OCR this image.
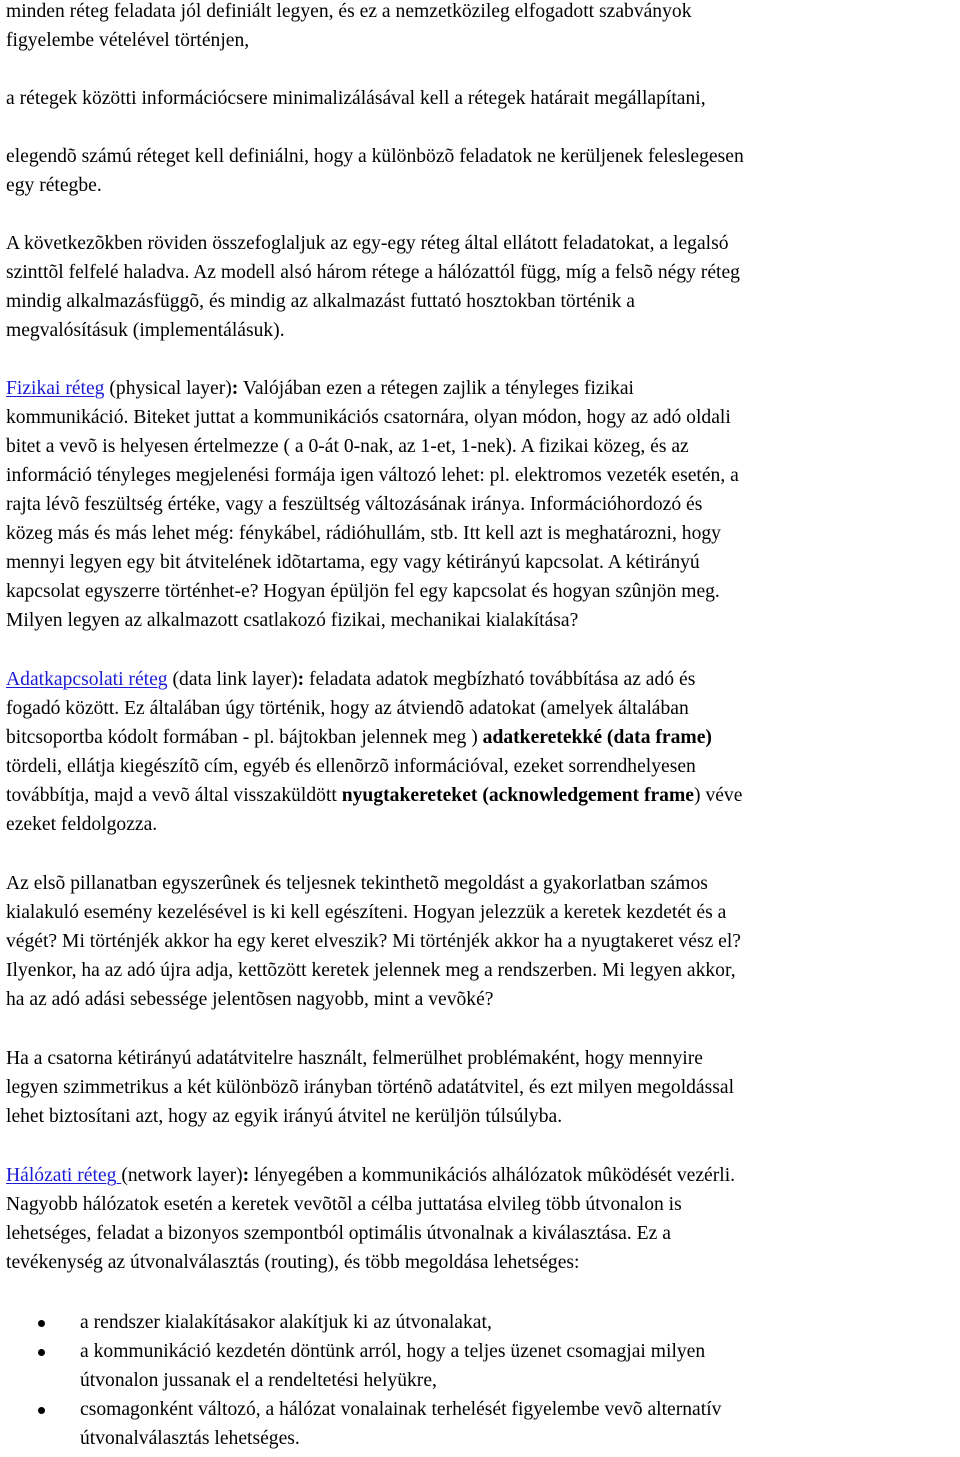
minden réteg feladata jól definiált legyen, és ez a nemzetközileg elfogadott szabványok
figyelembe vételével történjen,
a rétegek közötti információcsere minimalizálásával kell a rétegek határait megállapítani,
elegendõ számú réteget kell definiálni, hogy a különbözõ feladatok ne kerüljenek feleslegesen
egy rétegbe.
A következõkben röviden összefoglaljuk az egy-egy réteg által ellátott feladatokat, a legalsó
szinttõl felfelé haladva. Az modell alsó három rétege a hálózattól függ, míg a felsõ négy réteg
mindig alkalmazásfüggõ, és mindig az alkalmazást futtató hosztokban történik a
megvalósításuk (implementálásuk).
Fizikai réteg (physical layer): Valójában ezen a rétegen zajlik a tényleges fizikai
kommunikáció. Biteket juttat a kommunikációs csatornára, olyan módon, hogy az adó oldali
bitet a vevõ is helyesen értelmezze ( a 0-át 0-nak, az 1-et, 1-nek). A fizikai közeg, és az
információ tényleges megjelenési formája igen változó lehet: pl. elektromos vezeték esetén, a
rajta lévõ feszültség értéke, vagy a feszültség változásának iránya. Információhordozó és
közeg más és más lehet még: fénykábel, rádióhullám, stb. Itt kell azt is meghatározni, hogy
mennyi legyen egy bit átvitelének idõtartama, egy vagy kétirányú kapcsolat. A kétirányú
kapcsolat egyszerre történhet-e? Hogyan épüljön fel egy kapcsolat és hogyan szûnjön meg.
Milyen legyen az alkalmazott csatlakozó fizikai, mechanikai kialakítása?
Adatkapcsolati réteg (data link layer): feladata adatok megbízható továbbítása az adó és
fogadó között. Ez általában úgy történik, hogy az átviendõ adatokat (amelyek általában
bitcsoportba kódolt formában - pl. bájtokban jelennek meg ) adatkeretekké (data frame)
tördeli, ellátja kiegészítõ cím, egyéb és ellenõrzõ információval, ezeket sorrendhelyesen
továbbítja, majd a vevõ által visszaküldött nyugtakereteket (acknowledgement frame) véve
ezeket feldolgozza.
Az elsõ pillanatban egyszerûnek és teljesnek tekinthetõ megoldást a gyakorlatban számos
kialakuló esemény kezelésével is ki kell egészíteni. Hogyan jelezzük a keretek kezdetét és a
végét? Mi történjék akkor ha egy keret elveszik? Mi történjék akkor ha a nyugtakeret vész el?
Ilyenkor, ha az adó újra adja, kettõzött keretek jelennek meg a rendszerben. Mi legyen akkor,
ha az adó adási sebessége jelentõsen nagyobb, mint a vevõké?
Ha a csatorna kétirányú adatátvitelre használt, felmerülhet problémaként, hogy mennyire
legyen szimmetrikus a két különbözõ irányban történõ adatátvitel, és ezt milyen megoldással
lehet biztosítani azt, hogy az egyik irányú átvitel ne kerüljön túlsúlyba.
Hálózati réteg (network layer): lényegében a kommunikációs alhálózatok mûködését vezérli.
Nagyobb hálózatok esetén a keretek vevõtõl a célba juttatása elvileg több útvonalon is
lehetséges, feladat a bizonyos szempontból optimális útvonalnak a kiválasztása. Ez a
tevékenység az útvonalválasztás (routing), és több megoldása lehetséges:
a rendszer kialakításakor alakítjuk ki az útvonalakat,
a kommunikáció kezdetén döntünk arról, hogy a teljes üzenet csomagjai milyen
útvonalon jussanak el a rendeltetési helyükre,
csomagonként változó, a hálózat vonalainak terhelését figyelembe vevõ alternatív
útvonalválasztás lehetséges.
